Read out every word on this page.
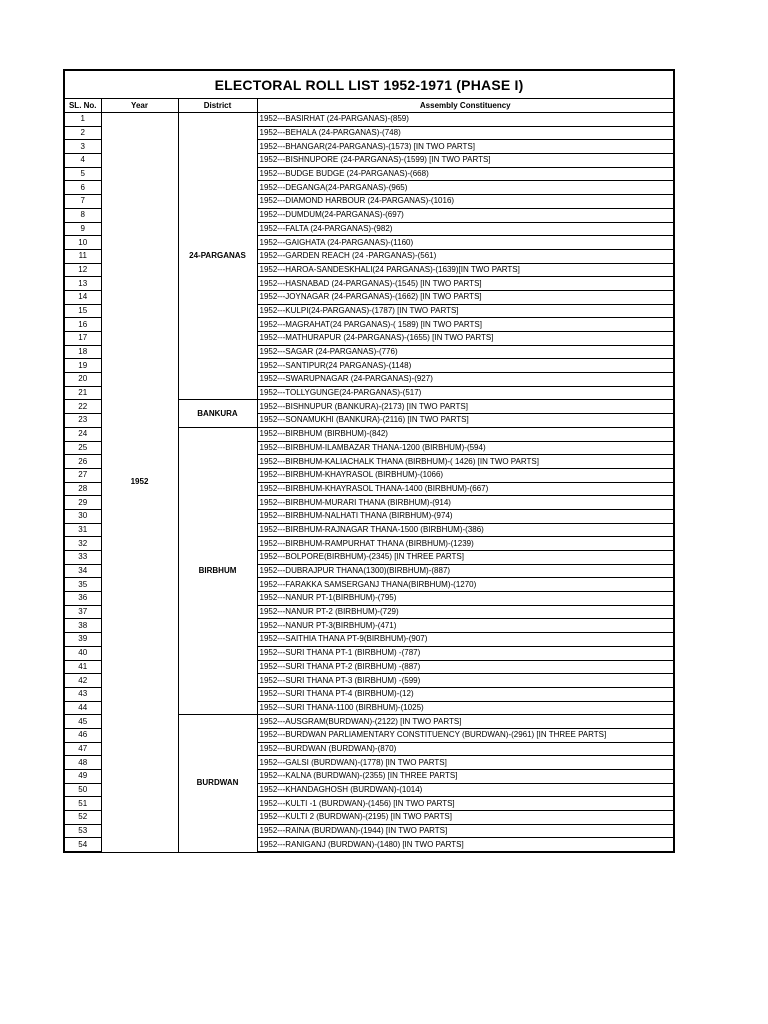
ELECTORAL ROLL LIST 1952-1971 (PHASE I)			
SL. No.	Year	District	Assembly Constituency
1	1952	24-PARGANAS	1952---BASIRHAT (24-PARGANAS)-(859)
2			1952---BEHALA (24-PARGANAS)-(748)
3			1952---BHANGAR(24-PARGANAS)-(1573) [IN TWO PARTS]
4			1952---BISHNUPORE (24-PARGANAS)-(1599) [IN TWO PARTS]
5			1952---BUDGE BUDGE (24-PARGANAS)-(668)
6			1952---DEGANGA(24-PARGANAS)-(965)
7			1952---DIAMOND HARBOUR (24-PARGANAS)-(1016)
8			1952---DUMDUM(24-PARGANAS)-(697)
9			1952---FALTA (24-PARGANAS)-(982)
10			1952---GAIGHATA (24-PARGANAS)-(1160)
11			1952---GARDEN REACH (24 -PARGANAS)-(561)
12			1952---HAROA-SANDESKHALI(24 PARGANAS)-(1639)[IN TWO PARTS]
13			1952---HASNABAD (24-PARGANAS)-(1545) [IN TWO PARTS]
14			1952---JOYNAGAR (24-PARGANAS)-(1662) [IN TWO PARTS]
15			1952---KULPI(24-PARGANAS)-(1787) [IN TWO PARTS]
16			1952---MAGRAHAT(24 PARGANAS)-( 1589) [IN TWO PARTS]
17			1952---MATHURAPUR (24-PARGANAS)-(1655) [IN TWO PARTS]
18			1952---SAGAR (24-PARGANAS)-(776)
19			1952---SANTIPUR(24 PARGANAS)-(1148)
20			1952---SWARUPNAGAR (24-PARGANAS)-(927)
21			1952---TOLLYGUNGE(24-PARGANAS)-(517)
22		BANKURA	1952---BISHNUPUR (BANKURA)-(2173) [IN TWO PARTS]
23			1952---SONAMUKHI (BANKURA)-(2116) [IN TWO PARTS]
24		BIRBHUM	1952---BIRBHUM (BIRBHUM)-(842)
25			1952---BIRBHUM-ILAMBAZAR THANA-1200 (BIRBHUM)-(594)
26			1952---BIRBHUM-KALIACHALK THANA (BIRBHUM)-( 1426) [IN TWO PARTS]
27			1952---BIRBHUM-KHAYRASOL (BIRBHUM)-(1066)
28			1952---BIRBHUM-KHAYRASOL THANA-1400 (BIRBHUM)-(667)
29			1952---BIRBHUM-MURARI THANA (BIRBHUM)-(914)
30			1952---BIRBHUM-NALHATI THANA (BIRBHUM)-(974)
31			1952---BIRBHUM-RAJNAGAR THANA-1500 (BIRBHUM)-(386)
32			1952---BIRBHUM-RAMPURHAT THANA (BIRBHUM)-(1239)
33			1952---BOLPORE(BIRBHUM)-(2345) [IN THREE PARTS]
34			1952---DUBRAJPUR THANA(1300)(BIRBHUM)-(887)
35			1952---FARAKKA SAMSERGANJ THANA(BIRBHUM)-(1270)
36			1952---NANUR PT-1(BIRBHUM)-(795)
37			1952---NANUR PT-2 (BIRBHUM)-(729)
38			1952---NANUR PT-3(BIRBHUM)-(471)
39			1952---SAITHIA THANA PT-9(BIRBHUM)-(907)
40			1952---SURI THANA PT-1 (BIRBHUM) -(787)
41			1952---SURI THANA PT-2 (BIRBHUM) -(887)
42			1952---SURI THANA PT-3 (BIRBHUM) -(599)
43			1952---SURI THANA PT-4 (BIRBHUM)-(12)
44			1952---SURI THANA-1100 (BIRBHUM)-(1025)
45		BURDWAN	1952---AUSGRAM(BURDWAN)-(2122) [IN TWO PARTS]
46			1952---BURDWAN PARLIAMENTARY CONSTITUENCY (BURDWAN)-(2961) [IN THREE PARTS]
47			1952---BURDWAN (BURDWAN)-(870)
48			1952---GALSI (BURDWAN)-(1778) [IN TWO PARTS]
49			1952---KALNA (BURDWAN)-(2355) [IN THREE PARTS]
50			1952---KHANDAGHOSH (BURDWAN)-(1014)
51			1952---KULTI -1 (BURDWAN)-(1456) [IN TWO PARTS]
52			1952---KULTI 2 (BURDWAN)-(2195) [IN TWO PARTS]
53			1952---RAINA (BURDWAN)-(1944) [IN TWO PARTS]
54			1952---RANIGANJ (BURDWAN)-(1480) [IN TWO PARTS]
